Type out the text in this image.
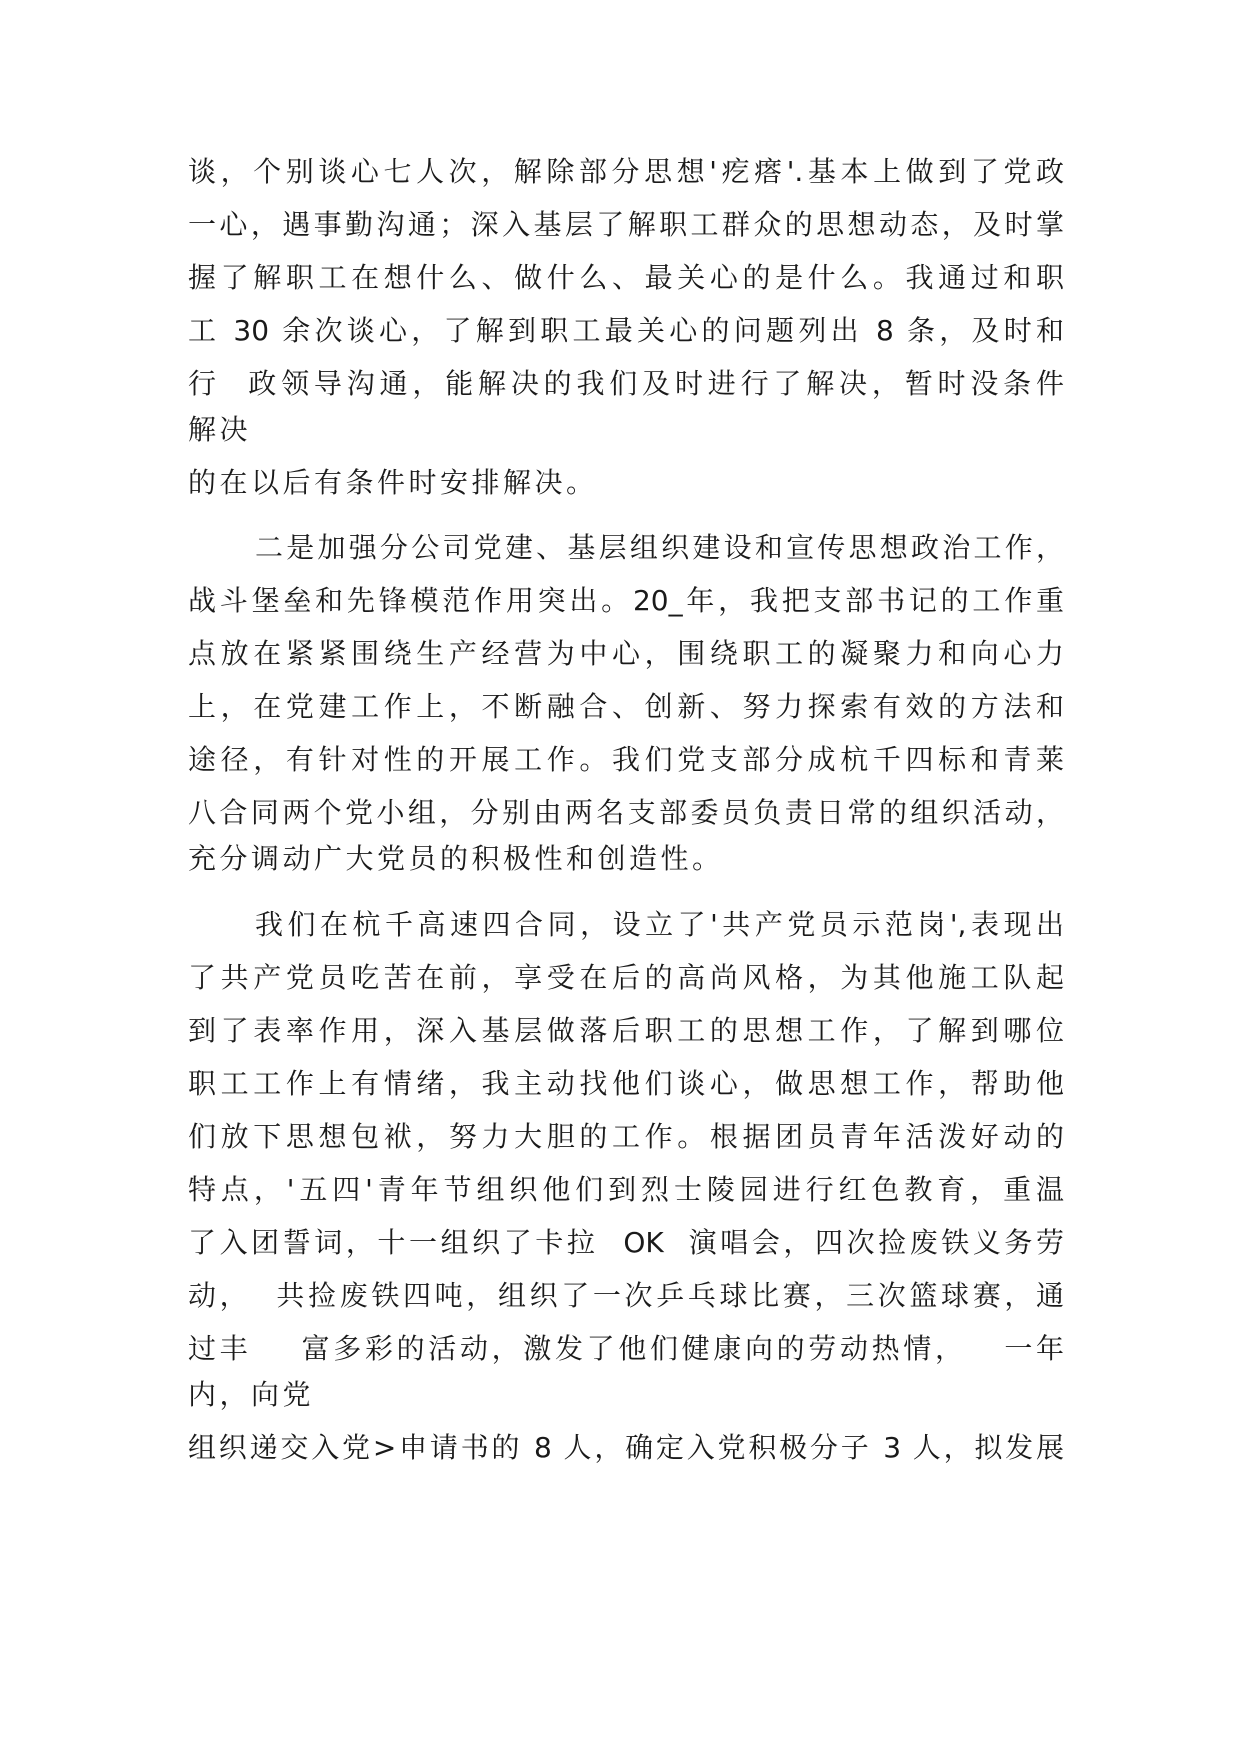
谈，个别谈心七人次，解除部分思想'疙瘩'.基本上做到了党政
一心，遇事勤沟通；深入基层了解职工群众的思想动态，及时掌
握了解职工在想什么、做什么、最关心的是什么。我通过和职
工 30 余次谈心，了解到职工最关心的问题列出 8 条，及时和
行  政领导沟通，能解决的我们及时进行了解决，暂时没条件
解决
的在以后有条件时安排解决。
二是加强分公司党建、基层组织建设和宣传思想政治工作，
战斗堡垒和先锋模范作用突出。20_年，我把支部书记的工作重
点放在紧紧围绕生产经营为中心，围绕职工的凝聚力和向心力
上，在党建工作上，不断融合、创新、努力探索有效的方法和
途径，有针对性的开展工作。我们党支部分成杭千四标和青莱
八合同两个党小组，分别由两名支部委员负责日常的组织活动，
充分调动广大党员的积极性和创造性。
我们在杭千高速四合同，设立了'共产党员示范岗',表现出
了共产党员吃苦在前，享受在后的高尚风格，为其他施工队起
到了表率作用，深入基层做落后职工的思想工作，了解到哪位
职工工作上有情绪，我主动找他们谈心，做思想工作，帮助他
们放下思想包袱，努力大胆的工作。根据团员青年活泼好动的
特点，'五四'青年节组织他们到烈士陵园进行红色教育，重温
了入团誓词，十一组织了卡拉  OK  演唱会，四次捡废铁义务劳
动，  共捡废铁四吨，组织了一次乒乓球比赛，三次篮球赛，通
过丰    富多彩的活动，激发了他们健康向的劳动热情，   一年
内，向党
组织递交入党>申请书的 8 人，确定入党积极分子 3 人，拟发展
